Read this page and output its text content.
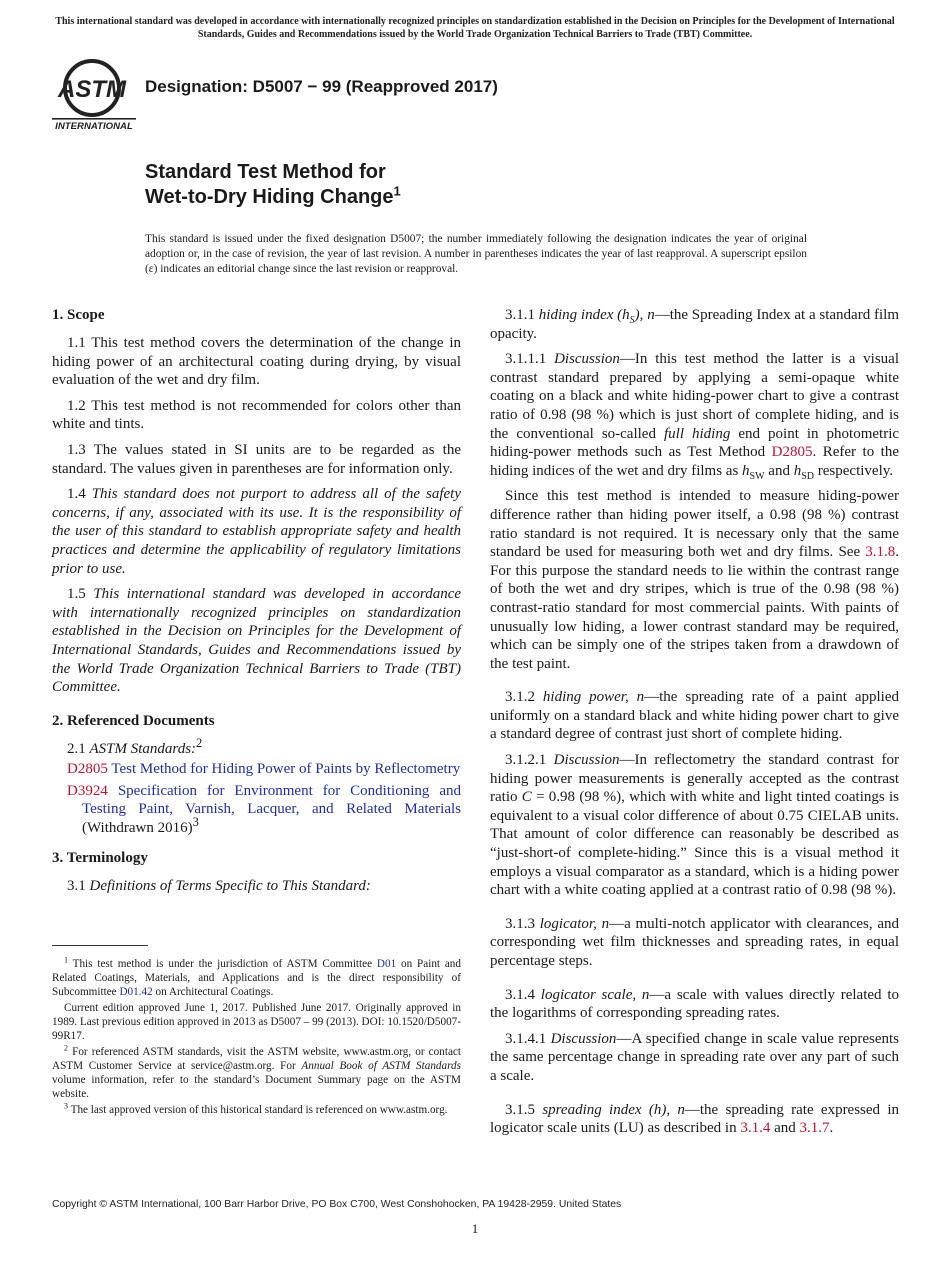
This international standard was developed in accordance with internationally recognized principles on standardization established in the Decision on Principles for the Development of International Standards, Guides and Recommendations issued by the World Trade Organization Technical Barriers to Trade (TBT) Committee.
ASTM
INTERNATIONAL
Designation: D5007 − 99 (Reapproved 2017)
Standard Test Method for
Wet-to-Dry Hiding Change$^1$
This standard is issued under the fixed designation D5007; the number immediately following the designation indicates the year of original adoption or, in the case of revision, the year of last revision. A number in parentheses indicates the year of last reapproval. A superscript epsilon (ε) indicates an editorial change since the last revision or reapproval.
1. Scope

1.1 This test method covers the determination of the change in hiding power of an architectural coating during drying, by visual evaluation of the wet and dry film.

1.2 This test method is not recommended for colors other than white and tints.

1.3 The values stated in SI units are to be regarded as the standard. The values given in parentheses are for information only.

1.4 This standard does not purport to address all of the safety concerns, if any, associated with its use. It is the responsibility of the user of this standard to establish appropriate safety and health practices and determine the applicability of regulatory limitations prior to use.

1.5 This international standard was developed in accordance with internationally recognized principles on standardization established in the Decision on Principles for the Development of International Standards, Guides and Recommendations issued by the World Trade Organization Technical Barriers to Trade (TBT) Committee.

2. Referenced Documents

2.1 ASTM Standards:$^2$

D2805 Test Method for Hiding Power of Paints by Reflectometry
D3924 Specification for Environment for Conditioning and Testing Paint, Varnish, Lacquer, and Related Materials (Withdrawn 2016)$^3$
3. Terminology

3.1 Definitions of Terms Specific to This Standard:

3.1.1 hiding index $(h_S)$, n—the Spreading Index at a standard film opacity.

3.1.1.1 Discussion—In this test method the latter is a visual contrast standard prepared by applying a semi-opaque white coating on a black and white hiding-power chart to give a contrast ratio of 0.98 (98 %) which is just short of complete hiding, and is the conventional so-called full hiding end point in photometric hiding-power methods such as Test Method D2805. Refer to the hiding indices of the wet and dry films as $h_{SW}$ and $h_{SD}$ respectively.

Since this test method is intended to measure hiding-power difference rather than hiding power itself, a 0.98 (98 %) contrast ratio standard is not required. It is necessary only that the same standard be used for measuring both wet and dry films. See 3.1.8. For this purpose the standard needs to lie within the contrast range of both the wet and dry stripes, which is true of the 0.98 (98 %) contrast-ratio standard for most commercial paints. With paints of unusually low hiding, a lower contrast standard may be required, which can be simply one of the stripes taken from a drawdown of the test paint.

3.1.2 hiding power, n—the spreading rate of a paint applied uniformly on a standard black and white hiding power chart to give a standard degree of contrast just short of complete hiding.

3.1.2.1 Discussion—In reflectometry the standard contrast for hiding power measurements is generally accepted as the contrast ratio C = 0.98 (98 %), which with white and light tinted coatings is equivalent to a visual color difference of about 0.75 CIELAB units. That amount of color difference can reasonably be described as “just-short-of complete-hiding.” Since this is a visual method it employs a visual comparator as a standard, which is a hiding power chart with a white coating applied at a contrast ratio of 0.98 (98 %).

3.1.3 logicator, n—a multi-notch applicator with clearances, and corresponding wet film thicknesses and spreading rates, in equal percentage steps.

3.1.4 logicator scale, n—a scale with values directly related to the logarithms of corresponding spreading rates.

3.1.4.1 Discussion—A specified change in scale value represents the same percentage change in spreading rate over any part of such a scale.

3.1.5 spreading index (h), n—the spreading rate expressed in logicator scale units (LU) as described in 3.1.4 and 3.1.7.

$^1$ This test method is under the jurisdiction of ASTM Committee D01 on Paint and Related Coatings, Materials, and Applications and is the direct responsibility of Subcommittee D01.42 on Architectural Coatings.

Current edition approved June 1, 2017. Published June 2017. Originally approved in 1989. Last previous edition approved in 2013 as D5007 – 99 (2013). DOI: 10.1520/D5007-99R17.

$^2$ For referenced ASTM standards, visit the ASTM website, www.astm.org, or contact ASTM Customer Service at service@astm.org. For Annual Book of ASTM Standards volume information, refer to the standard’s Document Summary page on the ASTM website.

$^3$ The last approved version of this historical standard is referenced on www.astm.org.

Copyright © ASTM International, 100 Barr Harbor Drive, PO Box C700, West Conshohocken, PA 19428-2959. United States
1
